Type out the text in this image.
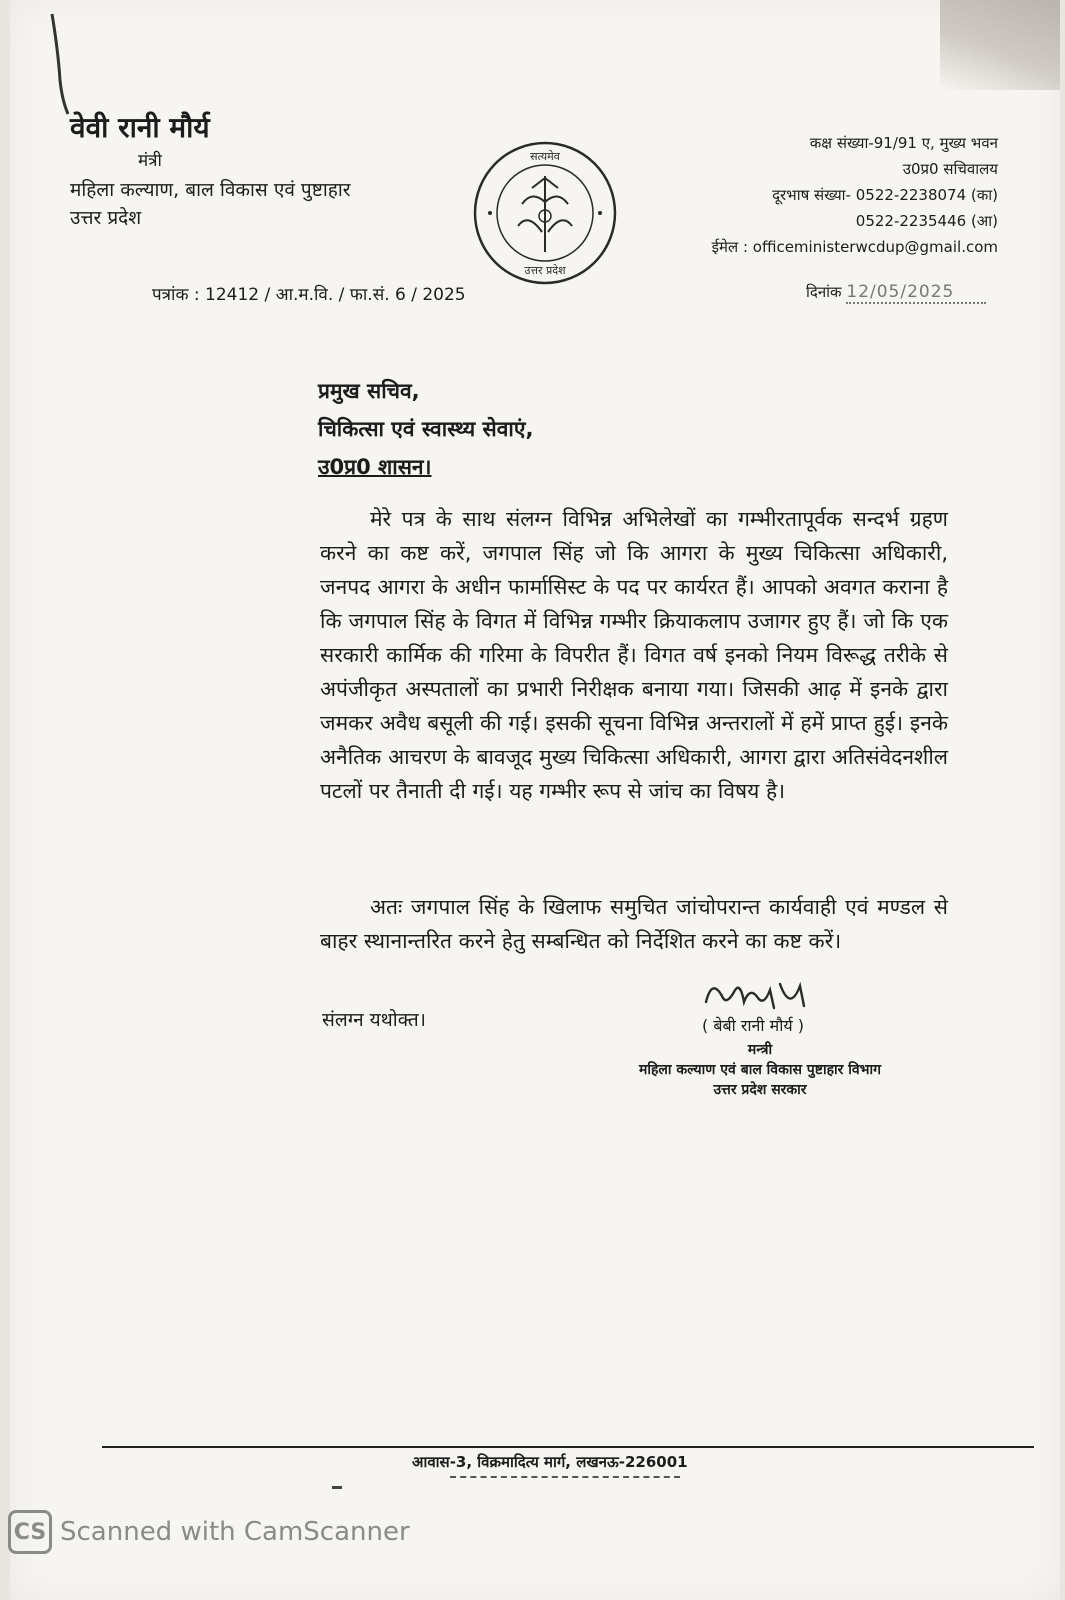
वेवी रानी मौर्य
मंत्री
महिला कल्याण, बाल विकास एवं पुष्टाहार
उत्तर प्रदेश
सत्यमेव
उत्तर प्रदेश
कक्ष संख्या-91/91 ए, मुख्य भवन
उ0प्र0 सचिवालय
दूरभाष संख्या- 0522-2238074 (का)
0522-2235446 (आ)
ईमेल : officeministerwcdup@gmail.com
पत्रांक : 12412 / आ.म.वि. / फा.सं. 6 / 2025	दिनांक 12/05/2025
प्रमुख सचिव,
चिकित्सा एवं स्वास्थ्य सेवाएं,
उ0प्र0 शासन।
मेरे पत्र के साथ संलग्न विभिन्न अभिलेखों का गम्भीरतापूर्वक सन्दर्भ ग्रहण करने का कष्ट करें, जगपाल सिंह जो कि आगरा के मुख्य चिकित्सा अधिकारी, जनपद आगरा के अधीन फार्मासिस्ट के पद पर कार्यरत हैं। आपको अवगत कराना है कि जगपाल सिंह के विगत में विभिन्न गम्भीर क्रियाकलाप उजागर हुए हैं। जो कि एक सरकारी कार्मिक की गरिमा के विपरीत हैं। विगत वर्ष इनको नियम विरूद्ध तरीके से अपंजीकृत अस्पतालों का प्रभारी निरीक्षक बनाया गया। जिसकी आढ़ में इनके द्वारा जमकर अवैध बसूली की गई। इसकी सूचना विभिन्न अन्तरालों में हमें प्राप्त हुई। इनके अनैतिक आचरण के बावजूद मुख्य चिकित्सा अधिकारी, आगरा द्वारा अतिसंवेदनशील पटलों पर तैनाती दी गई। यह गम्भीर रूप से जांच का विषय है।
अतः जगपाल सिंह के खिलाफ समुचित जांचोपरान्त कार्यवाही एवं मण्डल से बाहर स्थानान्तरित करने हेतु सम्बन्धित को निर्देशित करने का कष्ट करें।
संलग्न यथोक्त।	( बेबी रानी मौर्य )
मन्त्री
महिला कल्याण एवं बाल विकास पुष्टाहार विभाग
उत्तर प्रदेश सरकार
आवास-3, विक्रमादित्य मार्ग, लखनऊ-226001
CS Scanned with CamScanner
